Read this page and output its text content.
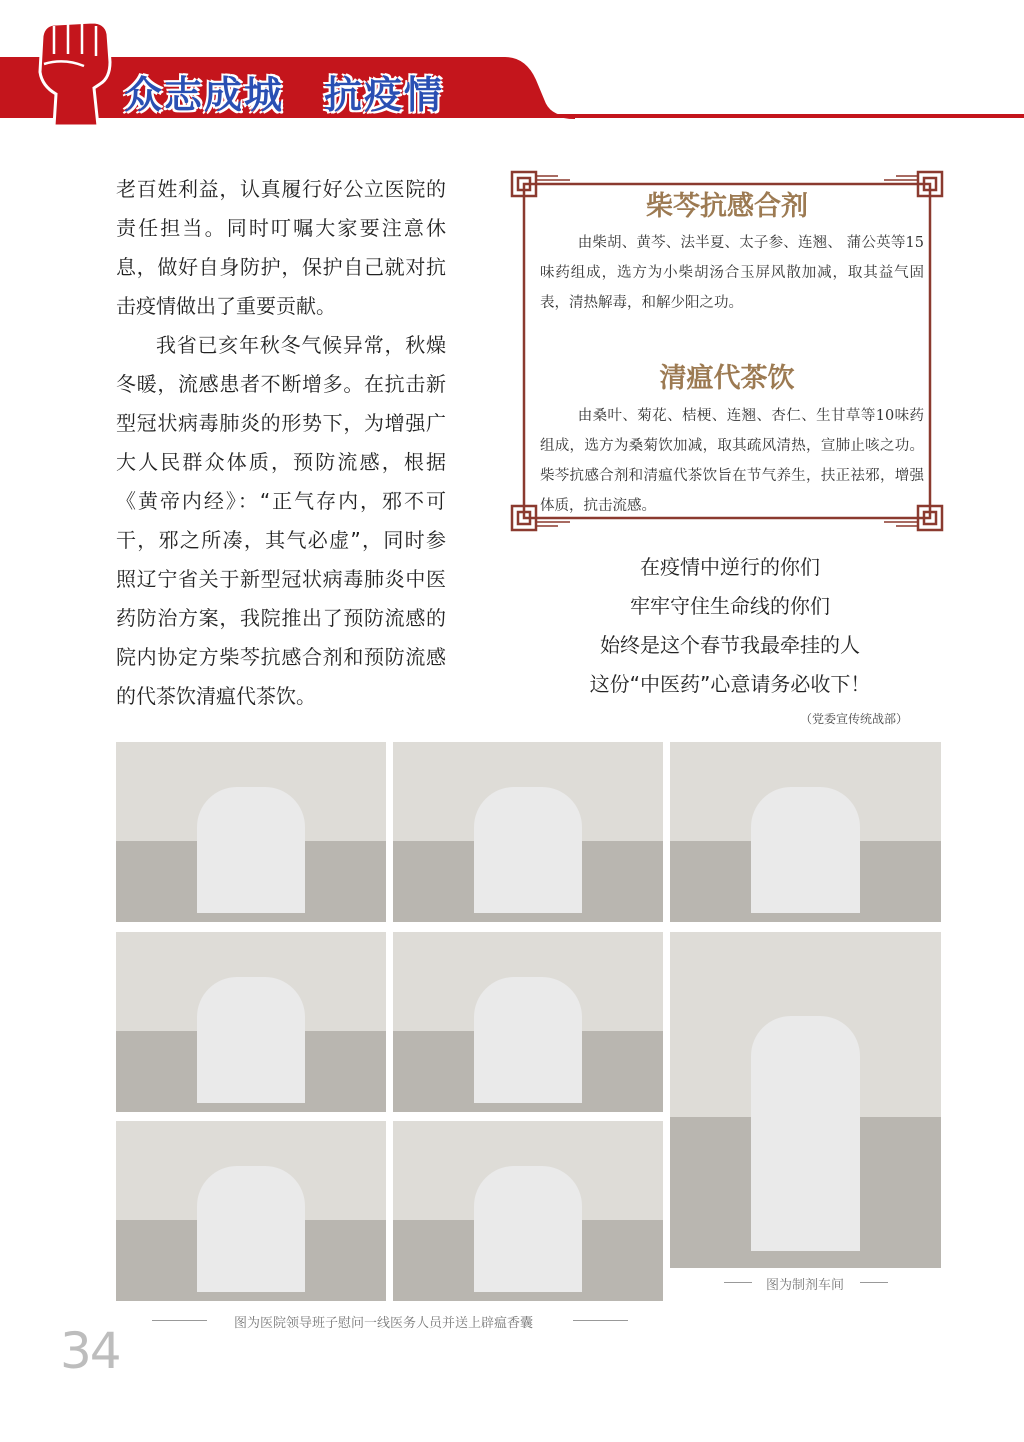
众志成城　抗疫情

老百姓利益，认真履行好公立医院的责任担当。同时叮嘱大家要注意休息，做好自身防护，保护自己就对抗击疫情做出了重要贡献。

我省已亥年秋冬气候异常，秋燥冬暖，流感患者不断增多。在抗击新型冠状病毒肺炎的形势下，为增强广大人民群众体质，预防流感，根据《黄帝内经》：“正气存内，邪不可干，邪之所凑，其气必虚”，同时参照辽宁省关于新型冠状病毒肺炎中医药防治方案，我院推出了预防流感的院内协定方柴芩抗感合剂和预防流感的代茶饮清瘟代茶饮。

柴芩抗感合剂

由柴胡、黄芩、法半夏、太子参、连翘、 蒲公英等15味药组成，选方为小柴胡汤合玉屏风散加减，取其益气固表，清热解毒，和解少阳之功。

清瘟代茶饮

由桑叶、菊花、桔梗、连翘、杏仁、生甘草等10味药组成，选方为桑菊饮加减，取其疏风清热，宣肺止咳之功。柴芩抗感合剂和清瘟代茶饮旨在节气养生，扶正祛邪，增强体质，抗击流感。

在疫情中逆行的你们
牢牢守住生命线的你们
始终是这个春节我最牵挂的人
这份“中医药”心意请务必收下！
（党委宣传统战部）
图为制剂车间
图为医院领导班子慰问一线医务人员并送上辟瘟香囊
34
